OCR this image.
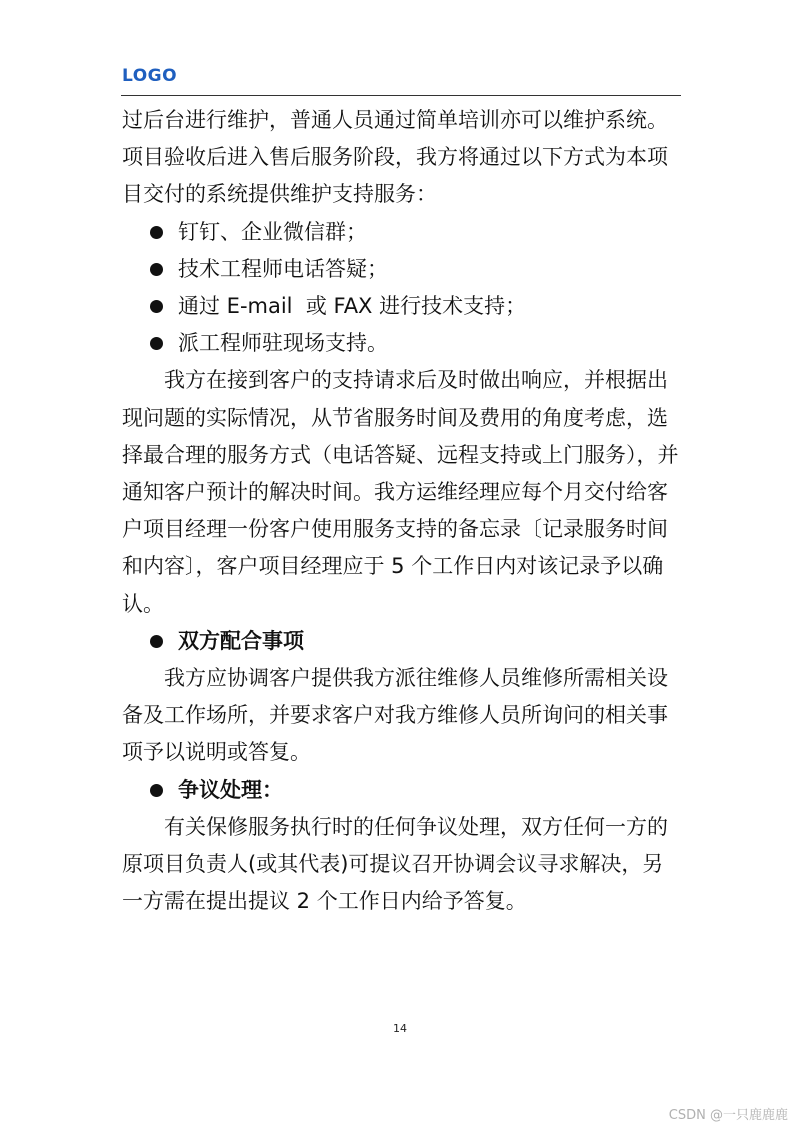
LOGO

过后台进行维护，普通人员通过简单培训亦可以维护系统。项目验收后进入售后服务阶段，我方将通过以下方式为本项目交付的系统提供维护支持服务：

钉钉、企业微信群；

技术工程师电话答疑；

通过 E-mail  或 FAX 进行技术支持；

派工程师驻现场支持。

我方在接到客户的支持请求后及时做出响应，并根据出现问题的实际情况，从节省服务时间及费用的角度考虑，选择最合理的服务方式（电话答疑、远程支持或上门服务），并通知客户预计的解决时间。我方运维经理应每个月交付给客户项目经理一份客户使用服务支持的备忘录〔记录服务时间和内容〕，客户项目经理应于 5 个工作日内对该记录予以确认。

双方配合事项

我方应协调客户提供我方派往维修人员维修所需相关设备及工作场所，并要求客户对我方维修人员所询问的相关事项予以说明或答复。

争议处理：

有关保修服务执行时的任何争议处理，双方任何一方的原项目负责人(或其代表)可提议召开协调会议寻求解决，另一方需在提出提议 2 个工作日内给予答复。

14
CSDN @一只鹿鹿鹿
